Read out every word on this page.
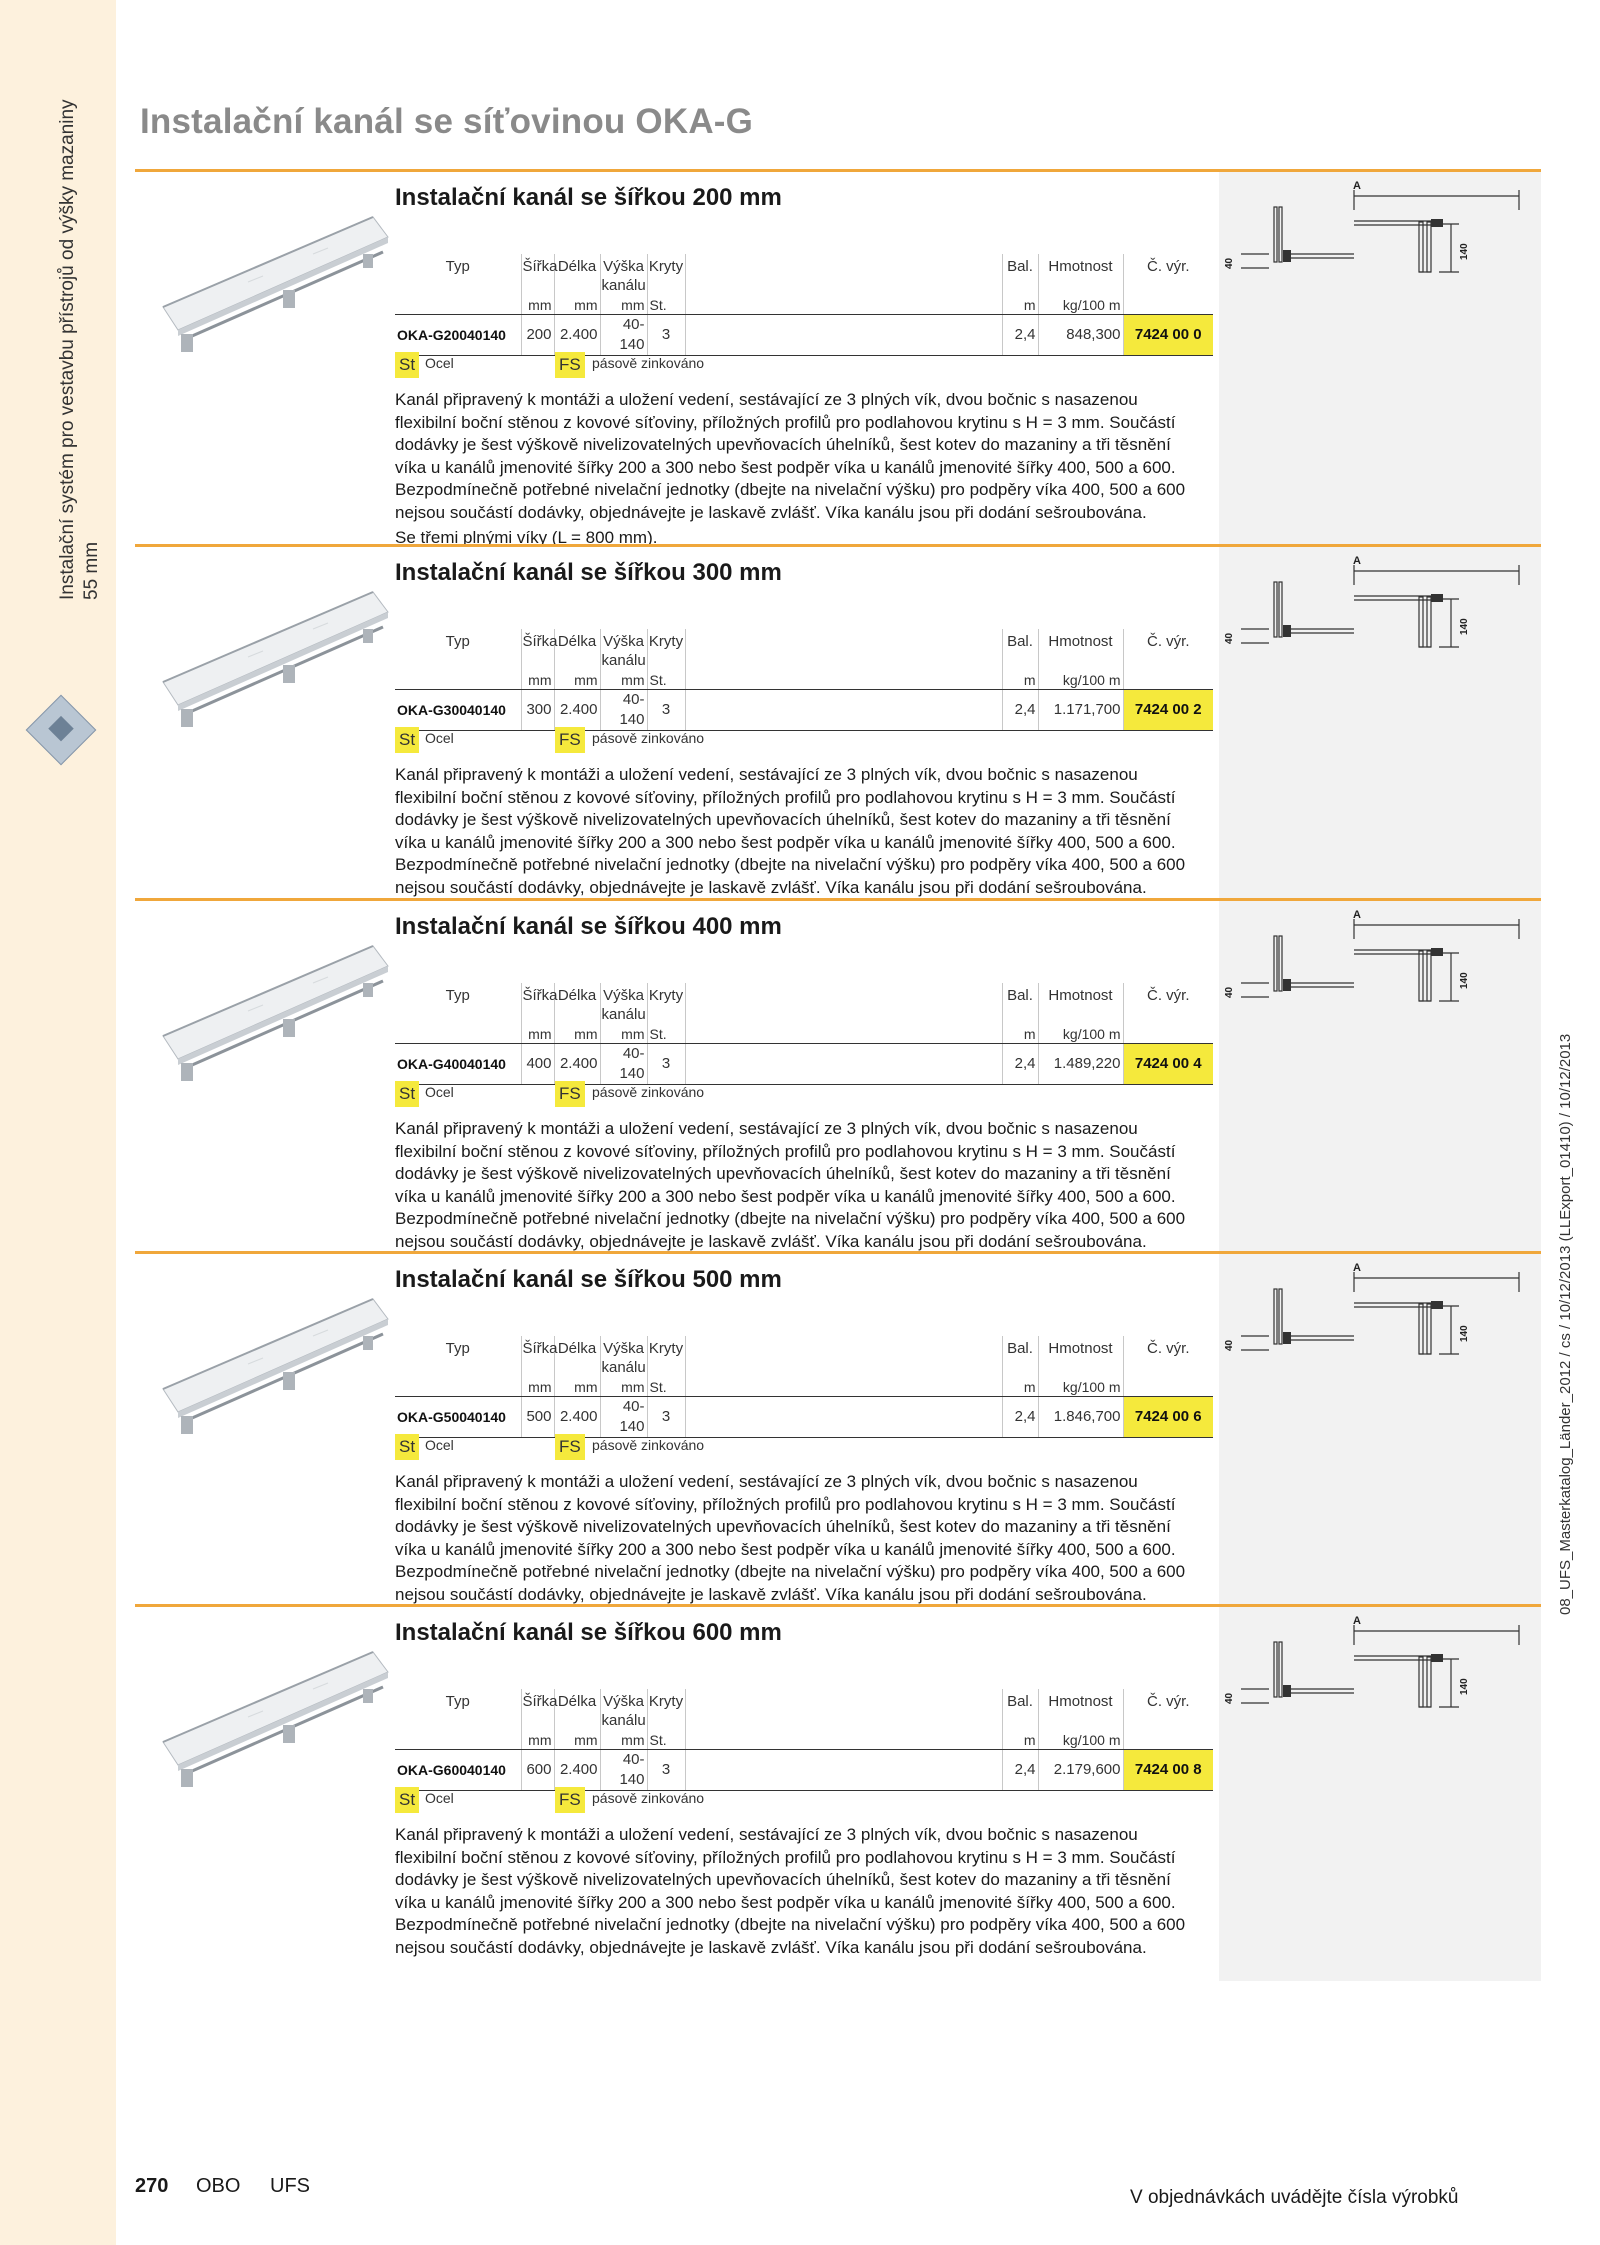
Instalační systém pro vestavbu přístrojů od výšky mazaniny 55 mm
Instalační kanál se síťovinou OKA-G
Instalační kanál se šířkou 200 mm
Typ	Šířka	Délka	Výška kanálu	Kryty		Bal.	Hmotnost	Č. výr.
	mm	mm	mm	St.		m	kg/100 m	
OKA-G20040140	200	2.400	40-140	3		2,4	848,300	7424 00 0
St Ocel	FS pásově zinkováno

Kanál připravený k montáži a uložení vedení, sestávající ze 3 plných vík, dvou bočnic s nasazenou flexibilní boční stěnou z kovové síťoviny, příložných profilů pro podlahovou krytinu s H = 3 mm. Součástí dodávky je šest výškově nivelizovatelných upevňovacích úhelníků, šest kotev do mazaniny a tři těsnění víka u kanálů jmenovité šířky 200 a 300 nebo šest podpěr víka u kanálů jmenovité šířky 400, 500 a 600. Bezpodmínečně potřebné nivelační jednotky (dbejte na nivelační výšku) pro podpěry víka 400, 500 a 600 nejsou součástí dodávky, objednávejte je laskavě zvlášť. Víka kanálu jsou při dodání sešroubována.

Se třemi plnými víky (L = 800 mm).

A
40
140
Instalační kanál se šířkou 300 mm
Typ	Šířka	Délka	Výška kanálu	Kryty		Bal.	Hmotnost	Č. výr.
	mm	mm	mm	St.		m	kg/100 m	
OKA-G30040140	300	2.400	40-140	3		2,4	1.171,700	7424 00 2
St Ocel	FS pásově zinkováno

Kanál připravený k montáži a uložení vedení, sestávající ze 3 plných vík, dvou bočnic s nasazenou flexibilní boční stěnou z kovové síťoviny, příložných profilů pro podlahovou krytinu s H = 3 mm. Součástí dodávky je šest výškově nivelizovatelných upevňovacích úhelníků, šest kotev do mazaniny a tři těsnění víka u kanálů jmenovité šířky 200 a 300 nebo šest podpěr víka u kanálů jmenovité šířky 400, 500 a 600. Bezpodmínečně potřebné nivelační jednotky (dbejte na nivelační výšku) pro podpěry víka 400, 500 a 600 nejsou součástí dodávky, objednávejte je laskavě zvlášť. Víka kanálu jsou při dodání sešroubována.

A
40
140
Instalační kanál se šířkou 400 mm
Typ	Šířka	Délka	Výška kanálu	Kryty		Bal.	Hmotnost	Č. výr.
	mm	mm	mm	St.		m	kg/100 m	
OKA-G40040140	400	2.400	40-140	3		2,4	1.489,220	7424 00 4
St Ocel	FS pásově zinkováno

Kanál připravený k montáži a uložení vedení, sestávající ze 3 plných vík, dvou bočnic s nasazenou flexibilní boční stěnou z kovové síťoviny, příložných profilů pro podlahovou krytinu s H = 3 mm. Součástí dodávky je šest výškově nivelizovatelných upevňovacích úhelníků, šest kotev do mazaniny a tři těsnění víka u kanálů jmenovité šířky 200 a 300 nebo šest podpěr víka u kanálů jmenovité šířky 400, 500 a 600. Bezpodmínečně potřebné nivelační jednotky (dbejte na nivelační výšku) pro podpěry víka 400, 500 a 600 nejsou součástí dodávky, objednávejte je laskavě zvlášť. Víka kanálu jsou při dodání sešroubována.

A
40
140
Instalační kanál se šířkou 500 mm
Typ	Šířka	Délka	Výška kanálu	Kryty		Bal.	Hmotnost	Č. výr.
	mm	mm	mm	St.		m	kg/100 m	
OKA-G50040140	500	2.400	40-140	3		2,4	1.846,700	7424 00 6
St Ocel	FS pásově zinkováno

Kanál připravený k montáži a uložení vedení, sestávající ze 3 plných vík, dvou bočnic s nasazenou flexibilní boční stěnou z kovové síťoviny, příložných profilů pro podlahovou krytinu s H = 3 mm. Součástí dodávky je šest výškově nivelizovatelných upevňovacích úhelníků, šest kotev do mazaniny a tři těsnění víka u kanálů jmenovité šířky 200 a 300 nebo šest podpěr víka u kanálů jmenovité šířky 400, 500 a 600. Bezpodmínečně potřebné nivelační jednotky (dbejte na nivelační výšku) pro podpěry víka 400, 500 a 600 nejsou součástí dodávky, objednávejte je laskavě zvlášť. Víka kanálu jsou při dodání sešroubována.

A
40
140
Instalační kanál se šířkou 600 mm
Typ	Šířka	Délka	Výška kanálu	Kryty		Bal.	Hmotnost	Č. výr.
	mm	mm	mm	St.		m	kg/100 m	
OKA-G60040140	600	2.400	40-140	3		2,4	2.179,600	7424 00 8
St Ocel	FS pásově zinkováno

Kanál připravený k montáži a uložení vedení, sestávající ze 3 plných vík, dvou bočnic s nasazenou flexibilní boční stěnou z kovové síťoviny, příložných profilů pro podlahovou krytinu s H = 3 mm. Součástí dodávky je šest výškově nivelizovatelných upevňovacích úhelníků, šest kotev do mazaniny a tři těsnění víka u kanálů jmenovité šířky 200 a 300 nebo šest podpěr víka u kanálů jmenovité šířky 400, 500 a 600. Bezpodmínečně potřebné nivelační jednotky (dbejte na nivelační výšku) pro podpěry víka 400, 500 a 600 nejsou součástí dodávky, objednávejte je laskavě zvlášť. Víka kanálu jsou při dodání sešroubována.

A
40
140
270 OBO UFS
V objednávkách uvádějte čísla výrobků
08_UFS_Masterkatalog_Länder_2012 / cs / 10/12/2013 (LLExport_01410) / 10/12/2013
